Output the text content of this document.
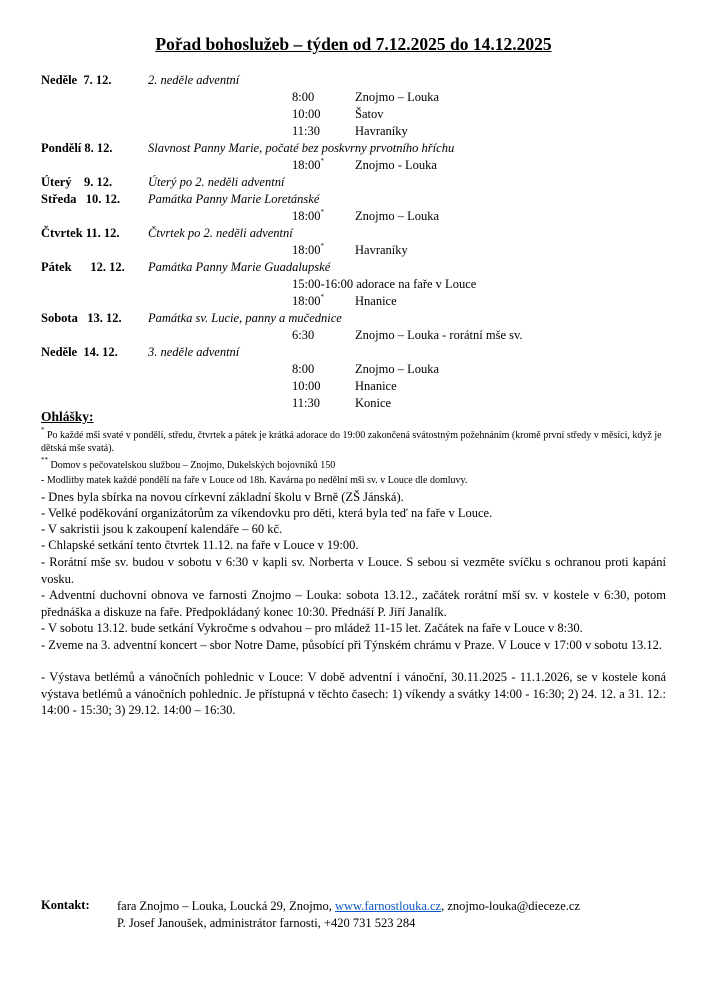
Pořad bohoslužeb – týden od 7.12.2025 do 14.12.2025
Neděle 7. 12.	2. neděle adventní
8:00	Znojmo – Louka
10:00	Šatov
11:30	Havraníky
Pondělí 8. 12.	Slavnost Panny Marie, počaté bez poskvrny prvotního hříchu
18:00* Znojmo - Louka
Úterý 9. 12.	Úterý po 2. neděli adventní
Středa 10. 12. Památka Panny Marie Loretánské
18:00* Znojmo – Louka
Čtvrtek 11. 12. Čtvrtek po 2. neděli adventní
18:00* Havraníky
Pátek 12. 12. Památka Panny Marie Guadalupské
15:00-16:00 adorace na faře v Louce
18:00* Hnanice
Sobota 13. 12. Památka sv. Lucie, panny a mučednice
6:30	Znojmo – Louka - rorátní mše sv.
Neděle 14. 12. 3. neděle adventní
8:00	Znojmo – Louka
10:00	Hnanice
11:30	Konice
Ohlášky:
* Po každé mši svaté v pondělí, středu, čtvrtek a pátek je krátká adorace do 19:00 zakončená svátostným požehnáním (kromě první středy v měsíci, když je dětská mše svatá).
** Domov s pečovatelskou službou – Znojmo, Dukelských bojovníků 150
- Modlitby matek každé pondělí na faře v Louce od 18h. Kavárna po nedělní mši sv. v Louce dle domluvy.
- Dnes byla sbírka na novou církevní základní školu v Brně (ZŠ Jánská).
- Velké poděkování organizátorům za víkendovku pro děti, která byla teď na faře v Louce.
- V sakristii jsou k zakoupení kalendáře – 60 kč.
- Chlapské setkání tento čtvrtek 11.12. na faře v Louce v 19:00.
- Rorátní mše sv. budou v sobotu v 6:30 v kapli sv. Norberta v Louce. S sebou si vezměte svíčku s ochranou proti kapání vosku.
- Adventní duchovní obnova ve farnosti Znojmo – Louka: sobota 13.12., začátek rorátní mší sv. v kostele v 6:30, potom přednáška a diskuze na faře. Předpokládaný konec 10:30. Přednáší P. Jiří Janalík.
- V sobotu 13.12. bude setkání Vykročme s odvahou – pro mládež 11-15 let. Začátek na faře v Louce v 8:30.
- Zveme na 3. adventní koncert – sbor Notre Dame, působící při Týnském chrámu v Praze. V Louce v 17:00 v sobotu 13.12.
- Výstava betlémů a vánočních pohlednic v Louce: V době adventní i vánoční, 30.11.2025 - 11.1.2026, se v kostele koná výstava betlémů a vánočních pohlednic. Je přístupná v těchto časech: 1) víkendy a svátky 14:00 - 16:30; 2) 24. 12. a 31. 12.: 14:00 - 15:30; 3) 29.12. 14:00 – 16:30.
Kontakt: fara Znojmo – Louka, Loucká 29, Znojmo, www.farnostlouka.cz, znojmo-louka@dieceze.cz
P. Josef Janoušek, administrátor farnosti, +420 731 523 284
